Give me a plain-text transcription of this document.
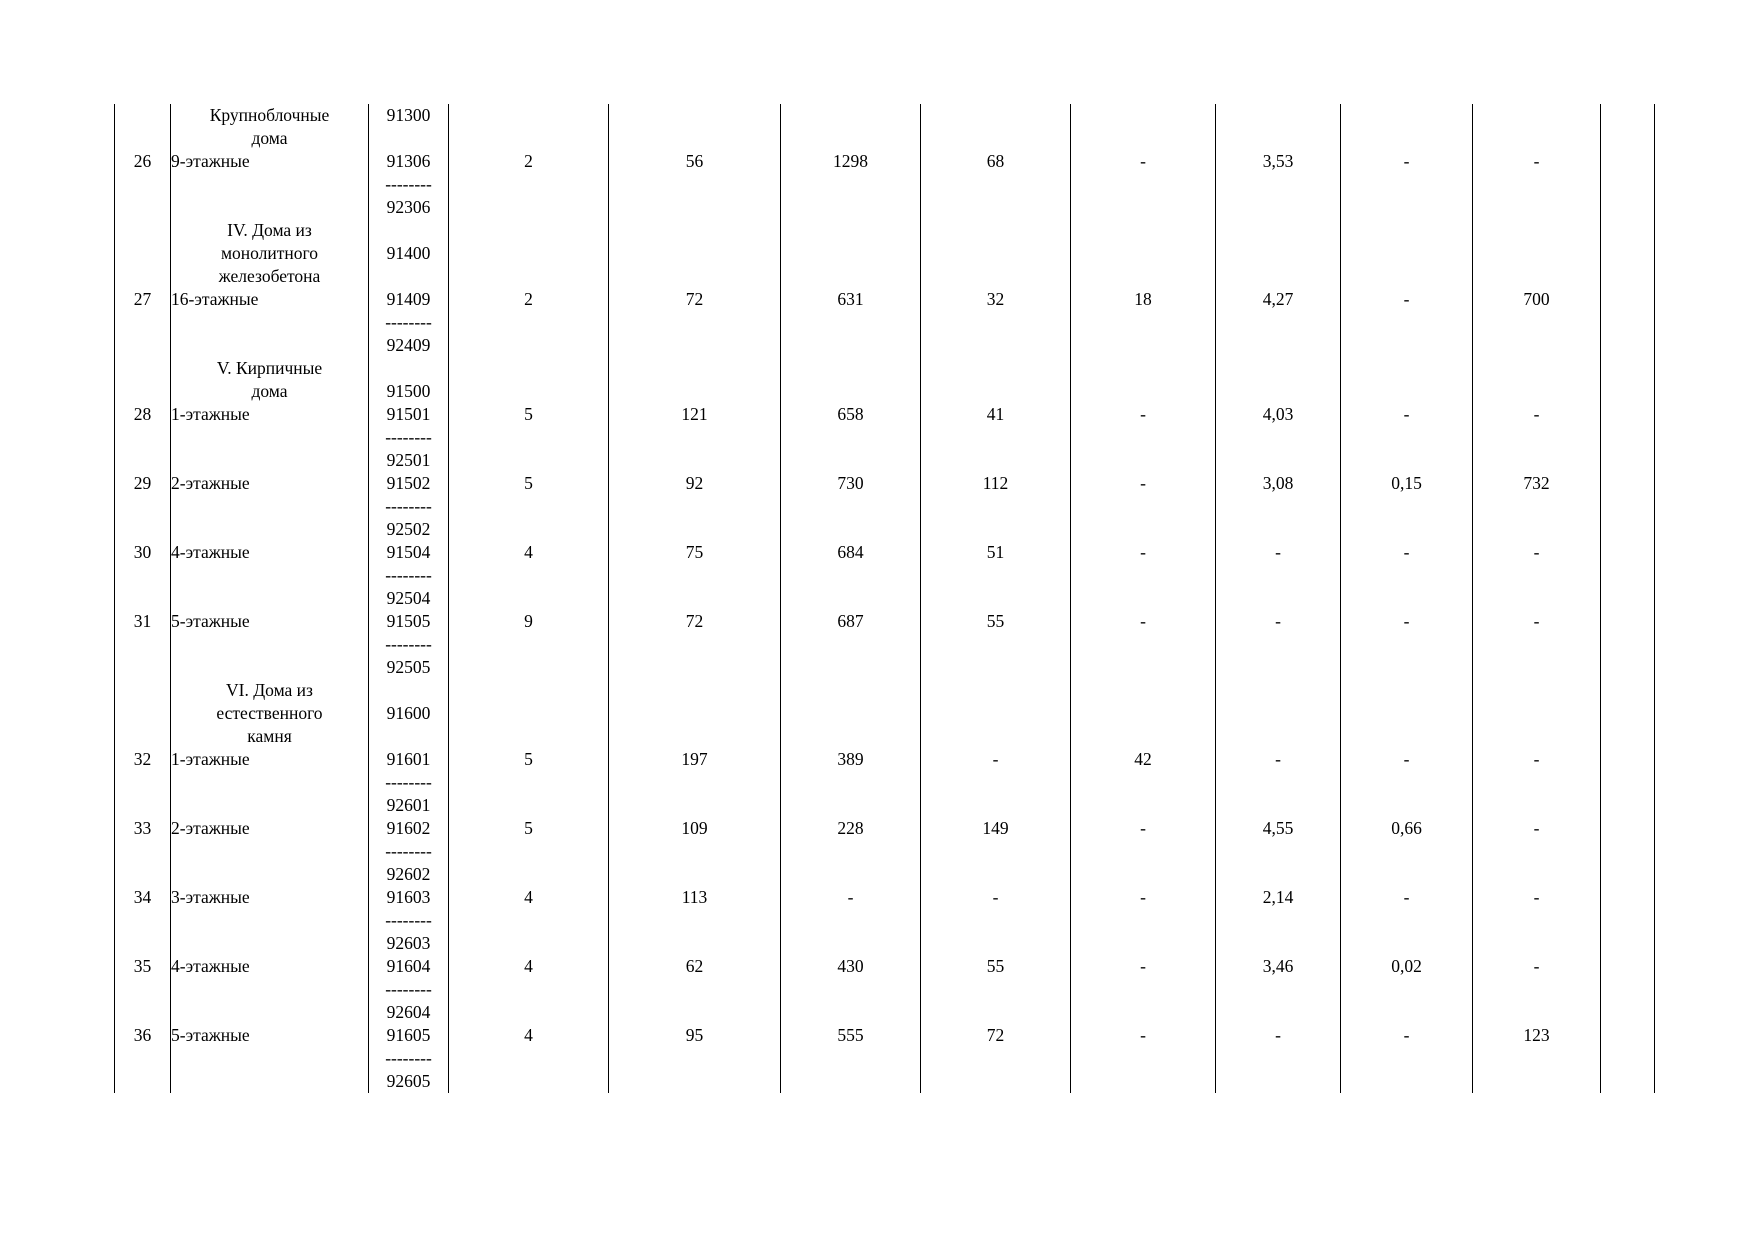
26	Крупноблочные
дома
9-этажные	91300

91306
--------
92306	2	56	1298	68	-	3,53	-	-	

27	IV. Дома из
монолитного
железобетона
16-этажные	91400

91409
--------
92409	2	72	631	32	18	4,27	-	700	

28	V. Кирпичные
дома
1-этажные	91500
91501
--------
92501	5	121	658	41	-	4,03	-	-	

29	2-этажные	91502
--------
92502	5	92	730	112	-	3,08	0,15	732	

30	4-этажные	91504
--------
92504	4	75	684	51	-	-	-	-	

31	5-этажные	91505
--------
92505	9	72	687	55	-	-	-	-	

32	VI. Дома из
естественного
камня
1-этажные	91600

91601
--------
92601	5	197	389	-	42	-	-	-	

33	2-этажные	91602
--------
92602	5	109	228	149	-	4,55	0,66	-	

34	3-этажные	91603
--------
92603	4	113	-	-	-	2,14	-	-	

35	4-этажные	91604
--------
92604	4	62	430	55	-	3,46	0,02	-	

36	5-этажные	91605
--------
92605	4	95	555	72	-	-	-	123	
